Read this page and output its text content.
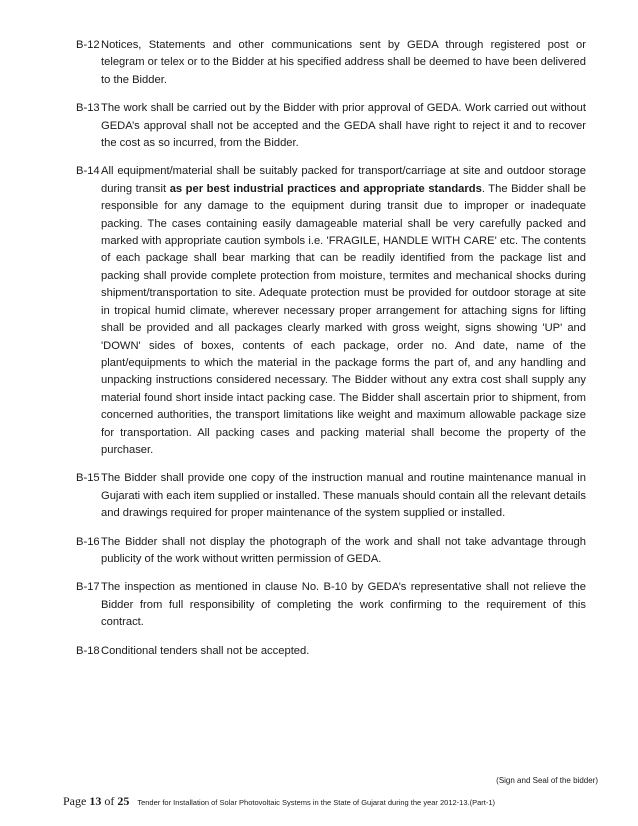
B-12 Notices, Statements and other communications sent by GEDA through registered post or telegram or telex or to the Bidder at his specified address shall be deemed to have been delivered to the Bidder.
B-13 The work shall be carried out by the Bidder with prior approval of GEDA. Work carried out without GEDA’s approval shall not be accepted and the GEDA shall have right to reject it and to recover the cost as so incurred, from the Bidder.
B-14 All equipment/material shall be suitably packed for transport/carriage at site and outdoor storage during transit as per best industrial practices and appropriate standards. The Bidder shall be responsible for any damage to the equipment during transit due to improper or inadequate packing. The cases containing easily damageable material shall be very carefully packed and marked with appropriate caution symbols i.e. 'FRAGILE, HANDLE WITH CARE' etc. The contents of each package shall bear marking that can be readily identified from the package list and packing shall provide complete protection from moisture, termites and mechanical shocks during shipment/transportation to site. Adequate protection must be provided for outdoor storage at site in tropical humid climate, wherever necessary proper arrangement for attaching signs for lifting shall be provided and all packages clearly marked with gross weight, signs showing 'UP' and 'DOWN' sides of boxes, contents of each package, order no. And date, name of the plant/equipments to which the material in the package forms the part of, and any handling and unpacking instructions considered necessary. The Bidder without any extra cost shall supply any material found short inside intact packing case. The Bidder shall ascertain prior to shipment, from concerned authorities, the transport limitations like weight and maximum allowable package size for transportation. All packing cases and packing material shall become the property of the purchaser.
B-15 The Bidder shall provide one copy of the instruction manual and routine maintenance manual in Gujarati with each item supplied or installed. These manuals should contain all the relevant details and drawings required for proper maintenance of the system supplied or installed.
B-16 The Bidder shall not display the photograph of the work and shall not take advantage through publicity of the work without written permission of GEDA.
B-17 The inspection as mentioned in clause No. B-10 by GEDA’s representative shall not relieve the Bidder from full responsibility of completing the work confirming to the requirement of this contract.
B-18 Conditional tenders shall not be accepted.
(Sign and Seal of the bidder)
Page 13 of 25 Tender for Installation of Solar Photovoltaic Systems in the State of Gujarat during the year 2012-13.(Part-1)
